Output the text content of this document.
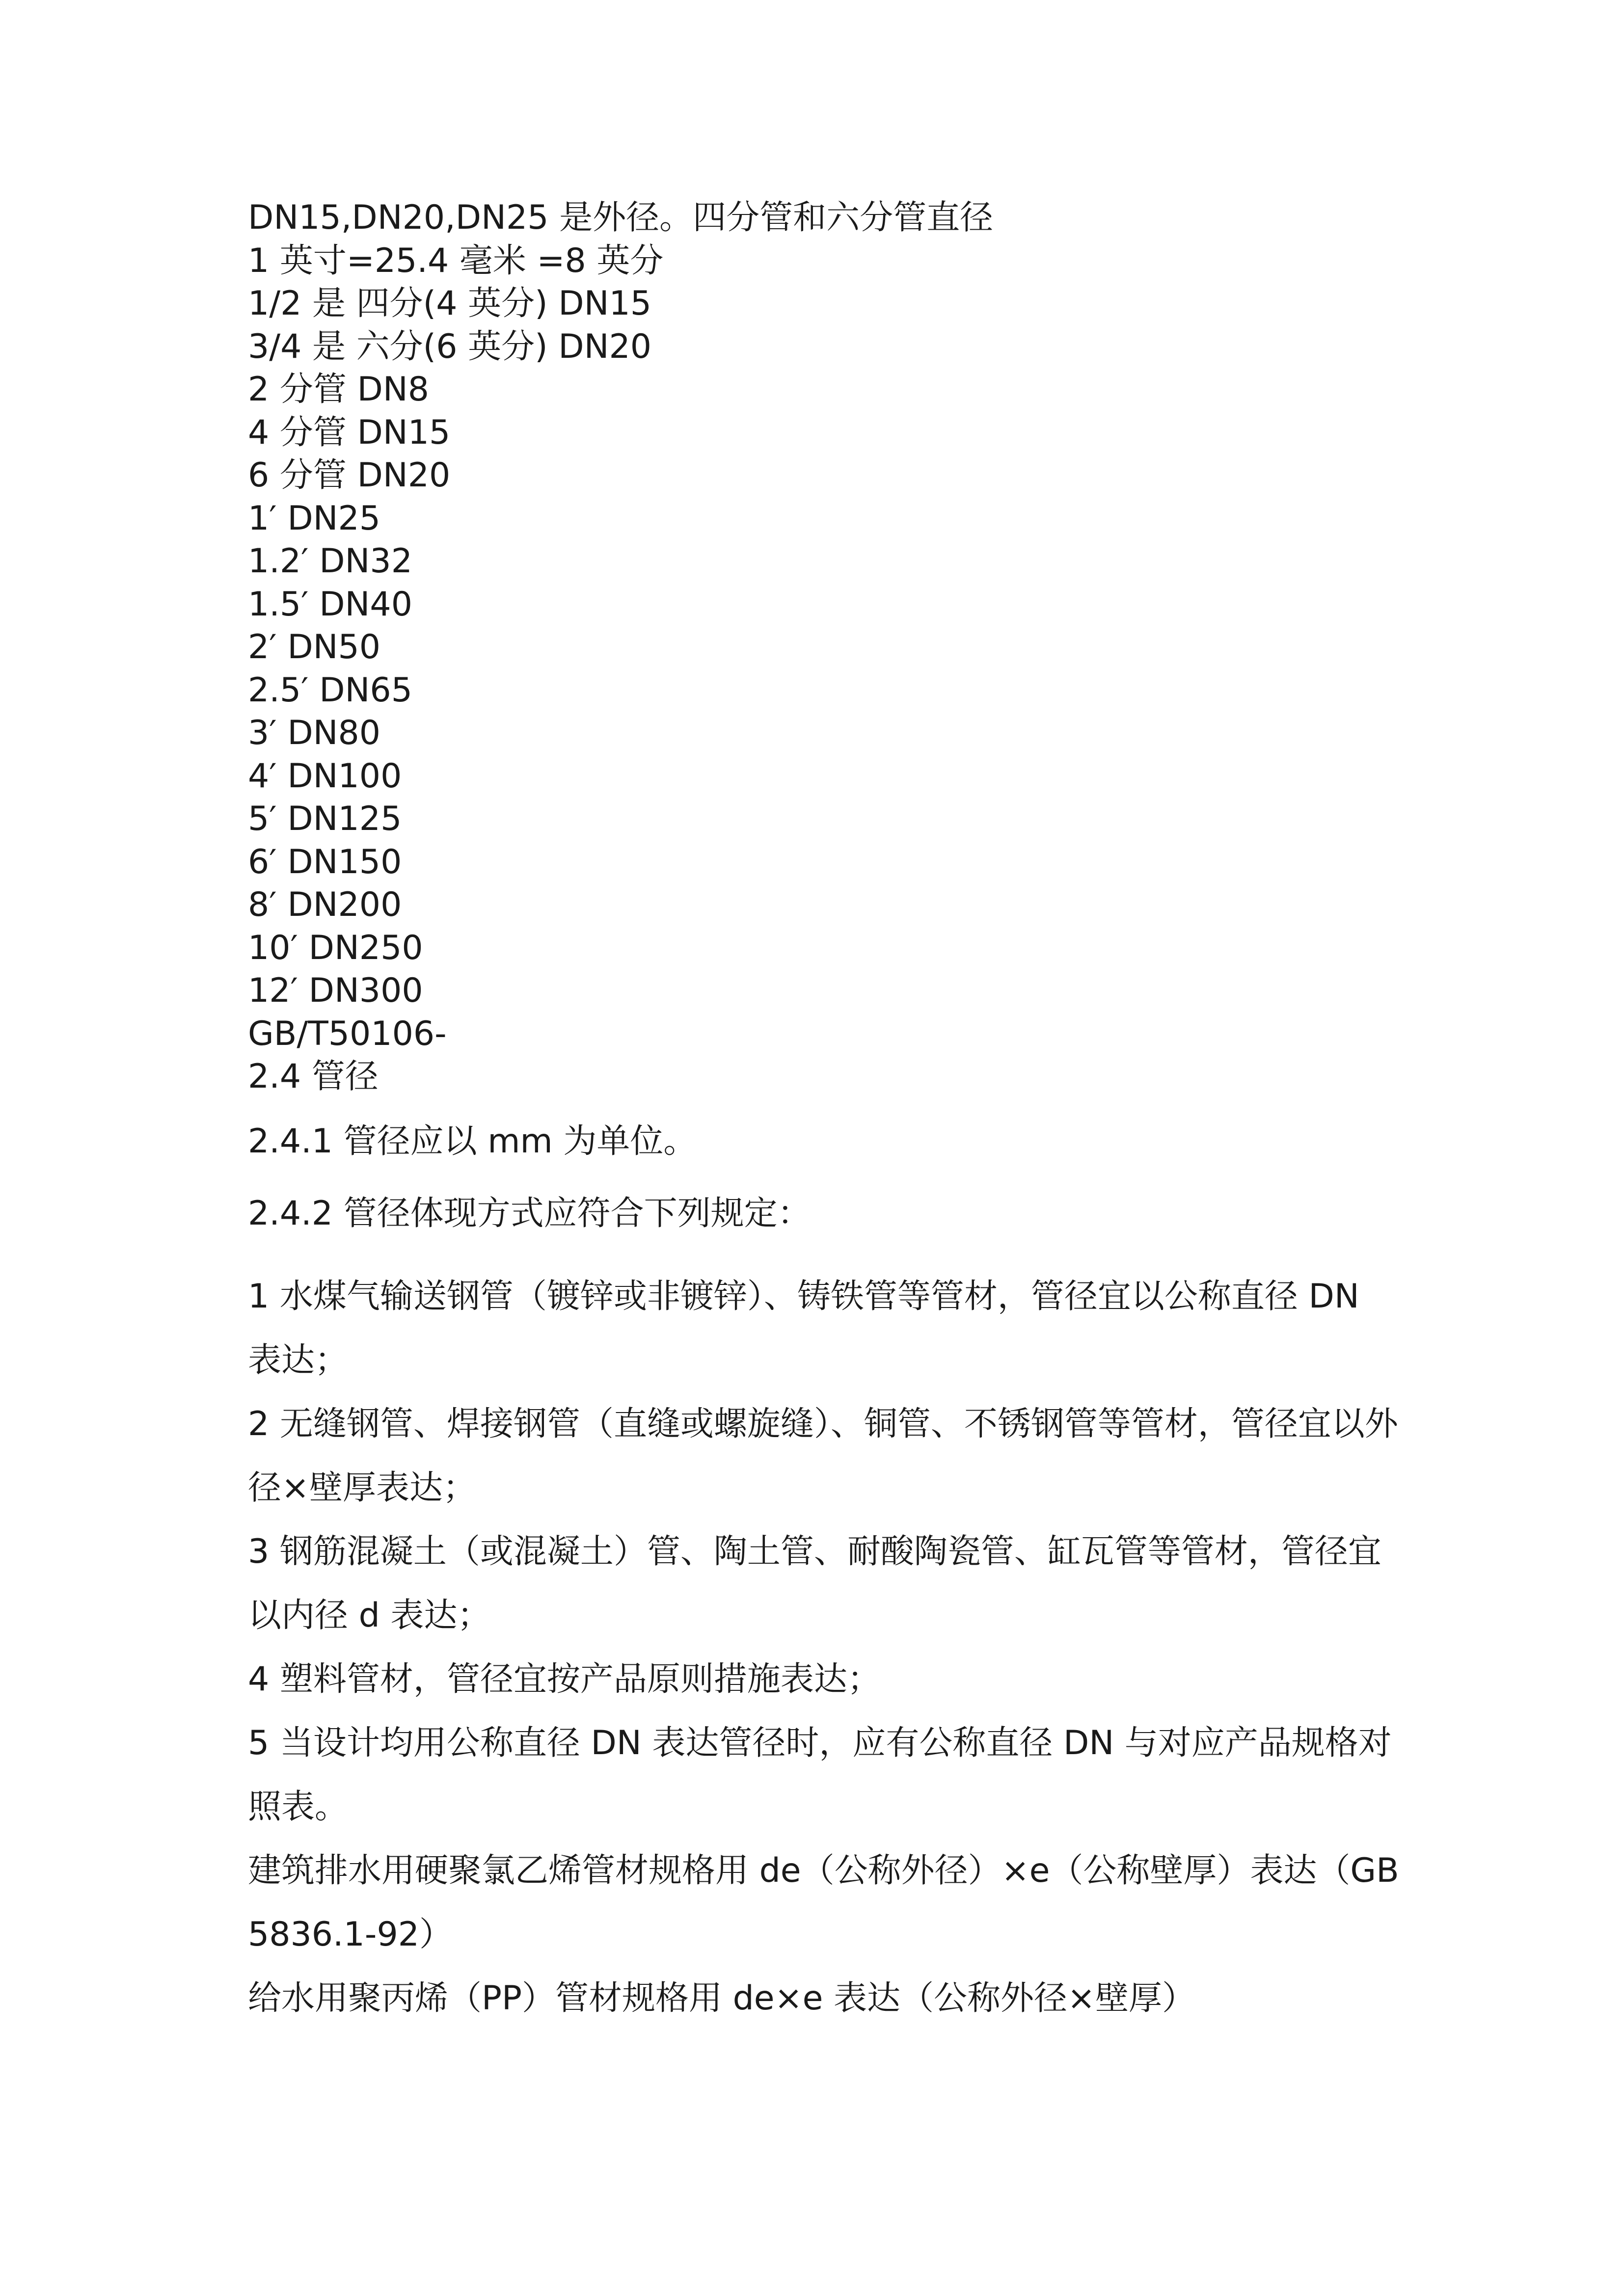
DN15,DN20,DN25 是外径。四分管和六分管直径
1 英寸=25.4 毫米 =8 英分
1/2 是 四分(4 英分) DN15
3/4 是 六分(6 英分) DN20
2 分管 DN8
4 分管 DN15
6 分管 DN20
1′ DN25
1.2′ DN32
1.5′ DN40
2′ DN50
2.5′ DN65
3′ DN80
4′ DN100
5′ DN125
6′ DN150
8′ DN200
10′ DN250
12′ DN300
GB/T50106-
2.4 管径

2.4.1 管径应以 mm 为单位。

2.4.2 管径体现方式应符合下列规定：

1 水煤气输送钢管（镀锌或非镀锌）、铸铁管等管材，管径宜以公称直径 DN 表达；

2 无缝钢管、焊接钢管（直缝或螺旋缝）、铜管、不锈钢管等管材，管径宜以外径×壁厚表达；

3 钢筋混凝土（或混凝土）管、陶土管、耐酸陶瓷管、缸瓦管等管材，管径宜以内径 d 表达；

4 塑料管材，管径宜按产品原则措施表达；

5 当设计均用公称直径 DN 表达管径时，应有公称直径 DN 与对应产品规格对照表。

建筑排水用硬聚氯乙烯管材规格用 de（公称外径）×e（公称壁厚）表达（GB 5836.1-92）

给水用聚丙烯（PP）管材规格用 de×e 表达（公称外径×壁厚）
